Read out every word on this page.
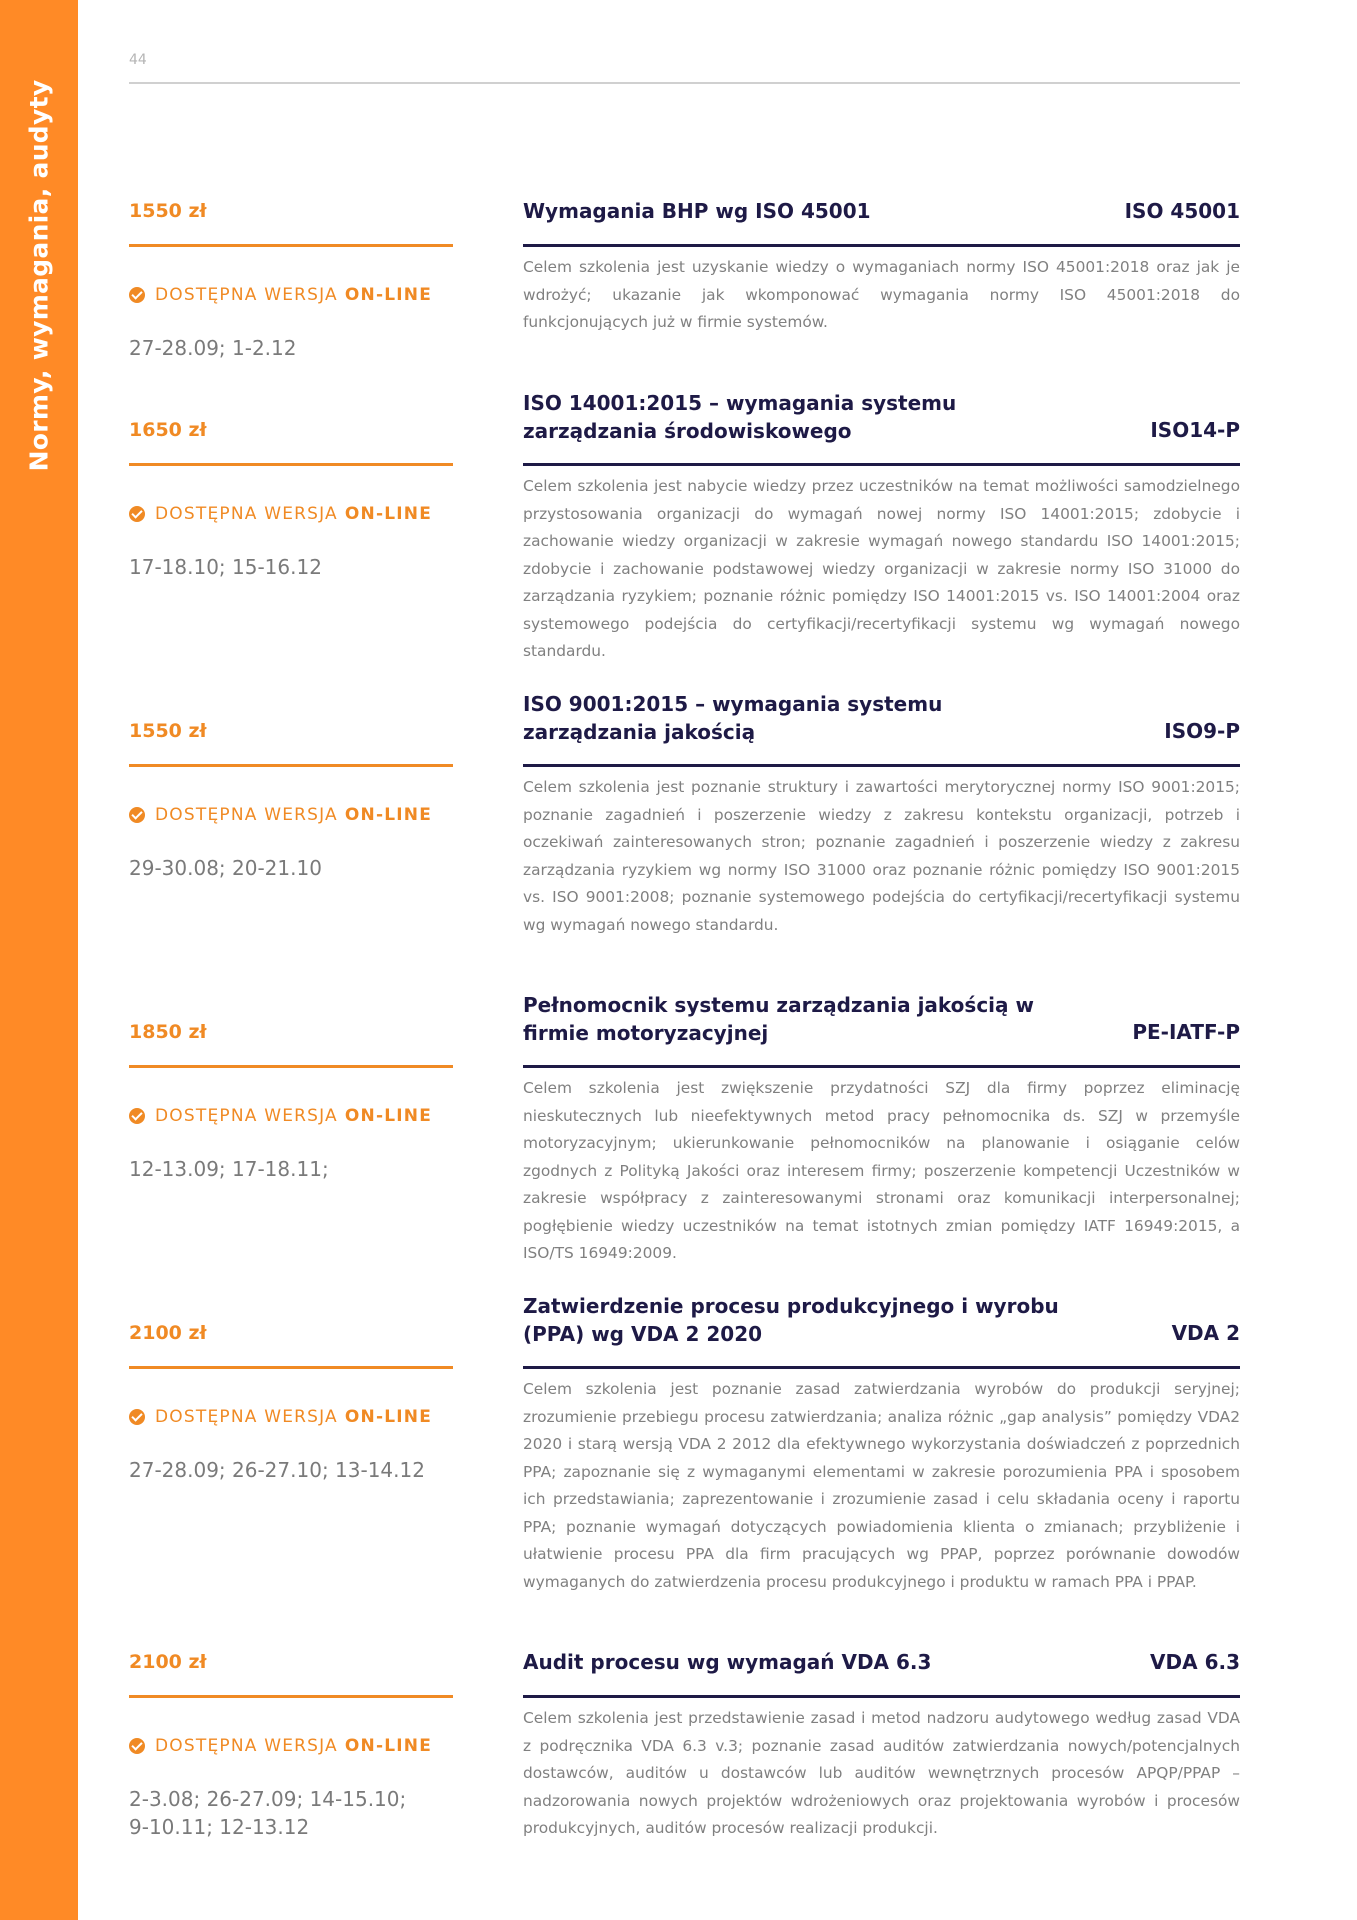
Normy, wymagania, audyty
44
1550 zł
DOSTĘPNA WERSJA ON-LINE
27-28.09; 1-2.12
Wymagania BHP wg ISO 45001	ISO 45001
Celem szkolenia jest uzyskanie wiedzy o wymaganiach normy ISO 45001:2018 oraz jak je wdrożyć; ukazanie jak wkomponować wymagania normy ISO 45001:2018 do funkcjonujących już w firmie systemów.
1650 zł
DOSTĘPNA WERSJA ON-LINE
17-18.10; 15-16.12
ISO 14001:2015 – wymagania systemu zarządzania środowiskowego	ISO14-P
Celem szkolenia jest nabycie wiedzy przez uczestników na temat możliwości samodzielnego przystosowania organizacji do wymagań nowej normy ISO 14001:2015; zdobycie i zachowanie wiedzy organizacji w zakresie wymagań nowego standardu ISO 14001:2015; zdobycie i zachowanie podstawowej wiedzy organizacji w zakresie normy ISO 31000 do zarządzania ryzykiem; poznanie różnic pomiędzy ISO 14001:2015 vs. ISO 14001:2004 oraz systemowego podejścia do certyfikacji/recertyfikacji systemu wg wymagań nowego standardu.
1550 zł
DOSTĘPNA WERSJA ON-LINE
29-30.08; 20-21.10
ISO 9001:2015 – wymagania systemu zarządzania jakością	ISO9-P
Celem szkolenia jest poznanie struktury i zawartości merytorycznej normy ISO 9001:2015; poznanie zagadnień i poszerzenie wiedzy z zakresu kontekstu organizacji, potrzeb i oczekiwań zainteresowanych stron; poznanie zagadnień i poszerzenie wiedzy z zakresu zarządzania ryzykiem wg normy ISO 31000 oraz poznanie różnic pomiędzy ISO 9001:2015 vs. ISO 9001:2008; poznanie systemowego podejścia do certyfikacji/recertyfikacji systemu wg wymagań nowego standardu.
1850 zł
DOSTĘPNA WERSJA ON-LINE
12-13.09; 17-18.11;
Pełnomocnik systemu zarządzania jakością w firmie motoryzacyjnej	PE-IATF-P
Celem szkolenia jest zwiększenie przydatności SZJ dla firmy poprzez eliminację nieskutecznych lub nieefektywnych metod pracy pełnomocnika ds. SZJ w przemyśle motoryzacyjnym; ukierunkowanie pełnomocników na planowanie i osiąganie celów zgodnych z Polityką Jakości oraz interesem firmy; poszerzenie kompetencji Uczestników w zakresie współpracy z zainteresowanymi stronami oraz komunikacji interpersonalnej; pogłębienie wiedzy uczestników na temat istotnych zmian pomiędzy IATF 16949:2015, a ISO/TS 16949:2009.
2100 zł
DOSTĘPNA WERSJA ON-LINE
27-28.09; 26-27.10; 13-14.12
Zatwierdzenie procesu produkcyjnego i wyrobu (PPA) wg VDA 2 2020	VDA 2
Celem szkolenia jest poznanie zasad zatwierdzania wyrobów do produkcji seryjnej; zrozumienie przebiegu procesu zatwierdzania; analiza różnic „gap analysis” pomiędzy VDA2 2020 i starą wersją VDA 2 2012 dla efektywnego wykorzystania doświadczeń z poprzednich PPA; zapoznanie się z wymaganymi elementami w zakresie porozumienia PPA i sposobem ich przedstawiania; zaprezentowanie i zrozumienie zasad i celu składania oceny i raportu PPA; poznanie wymagań dotyczących powiadomienia klienta o zmianach; przybliżenie i ułatwienie procesu PPA dla firm pracujących wg PPAP, poprzez porównanie dowodów wymaganych do zatwierdzenia procesu produkcyjnego i produktu w ramach PPA i PPAP.
2100 zł
DOSTĘPNA WERSJA ON-LINE
2-3.08; 26-27.09; 14-15.10; 9-10.11; 12-13.12
Audit procesu wg wymagań VDA 6.3	VDA 6.3
Celem szkolenia jest przedstawienie zasad i metod nadzoru audytowego według zasad VDA z podręcznika VDA 6.3 v.3; poznanie zasad auditów zatwierdzania nowych/potencjalnych dostawców, auditów u dostawców lub auditów wewnętrznych procesów APQP/PPAP – nadzorowania nowych projektów wdrożeniowych oraz projektowania wyrobów i procesów produkcyjnych, auditów procesów realizacji produkcji.
